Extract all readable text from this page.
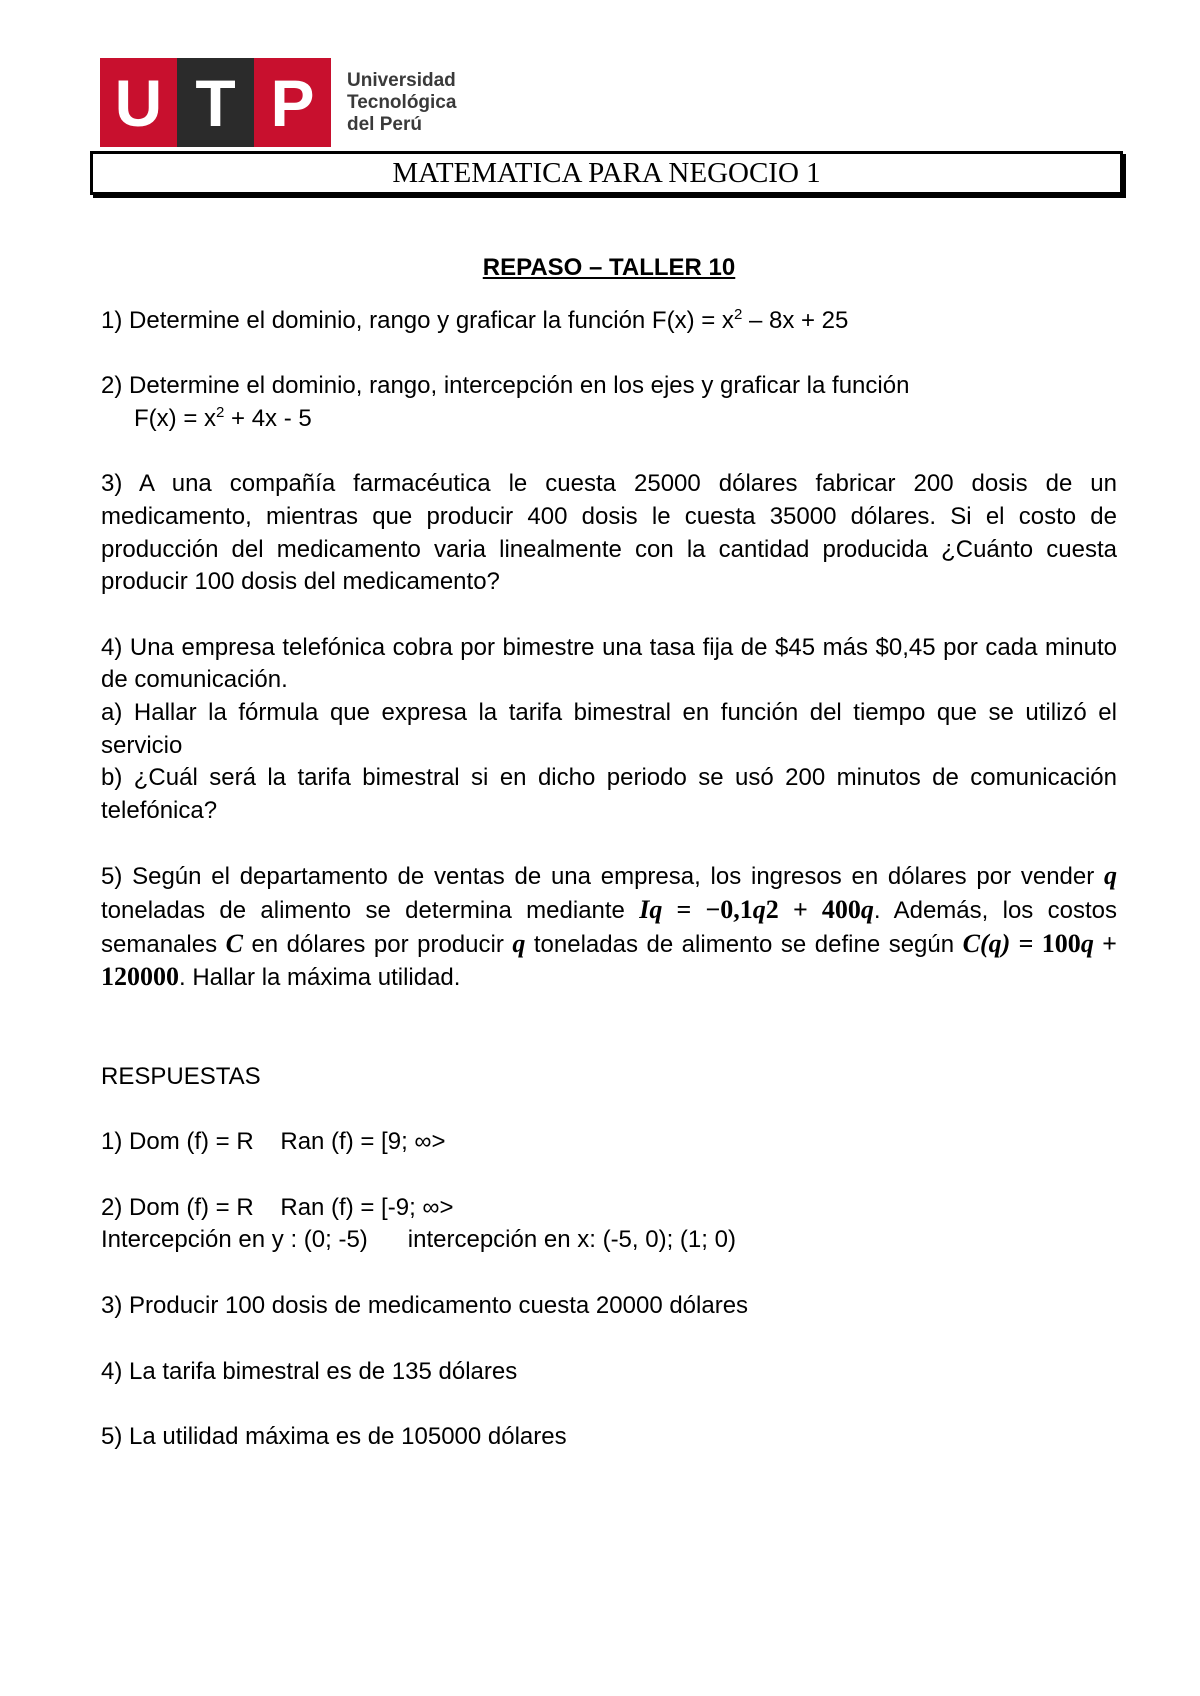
U T P	Universidad
Tecnológica
del Perú
MATEMATICA PARA NEGOCIO 1
REPASO – TALLER 10

1) Determine el dominio, rango y graficar la función $F(x) = x^2 - 8x + 25$

2) Determine el dominio, rango, intercepción en los ejes y graficar la función

$F(x) = x^2 + 4x - 5$

3) A una compañía farmacéutica le cuesta 25000 dólares fabricar 200 dosis de un medicamento, mientras que producir 400 dosis le cuesta 35000 dólares. Si el costo de producción del medicamento varia linealmente con la cantidad producida ¿Cuánto cuesta producir 100 dosis del medicamento?

4) Una empresa telefónica cobra por bimestre una tasa fija de $45 más $0,45 por cada minuto de comunicación.

a) Hallar la fórmula que expresa la tarifa bimestral en función del tiempo que se utilizó el servicio

b) ¿Cuál será la tarifa bimestral si en dicho periodo se usó 200 minutos de comunicación telefónica?

5) Según el departamento de ventas de una empresa, los ingresos en dólares por vender q toneladas de alimento se determina mediante Iq = −0,1q2 + 400q. Además, los costos semanales C en dólares por producir q toneladas de alimento se define según C(q) = 100q + 120000. Hallar la máxima utilidad.

RESPUESTAS

1) Dom (f) = R    Ran (f) = [9; ∞>

2) Dom (f) = R    Ran (f) = [-9; ∞>

Intercepción en y : (0; -5)      intercepción en x: (-5, 0); (1; 0)

3) Producir 100 dosis de medicamento cuesta 20000 dólares

4) La tarifa bimestral es de 135 dólares

5) La utilidad máxima es de 105000 dólares
